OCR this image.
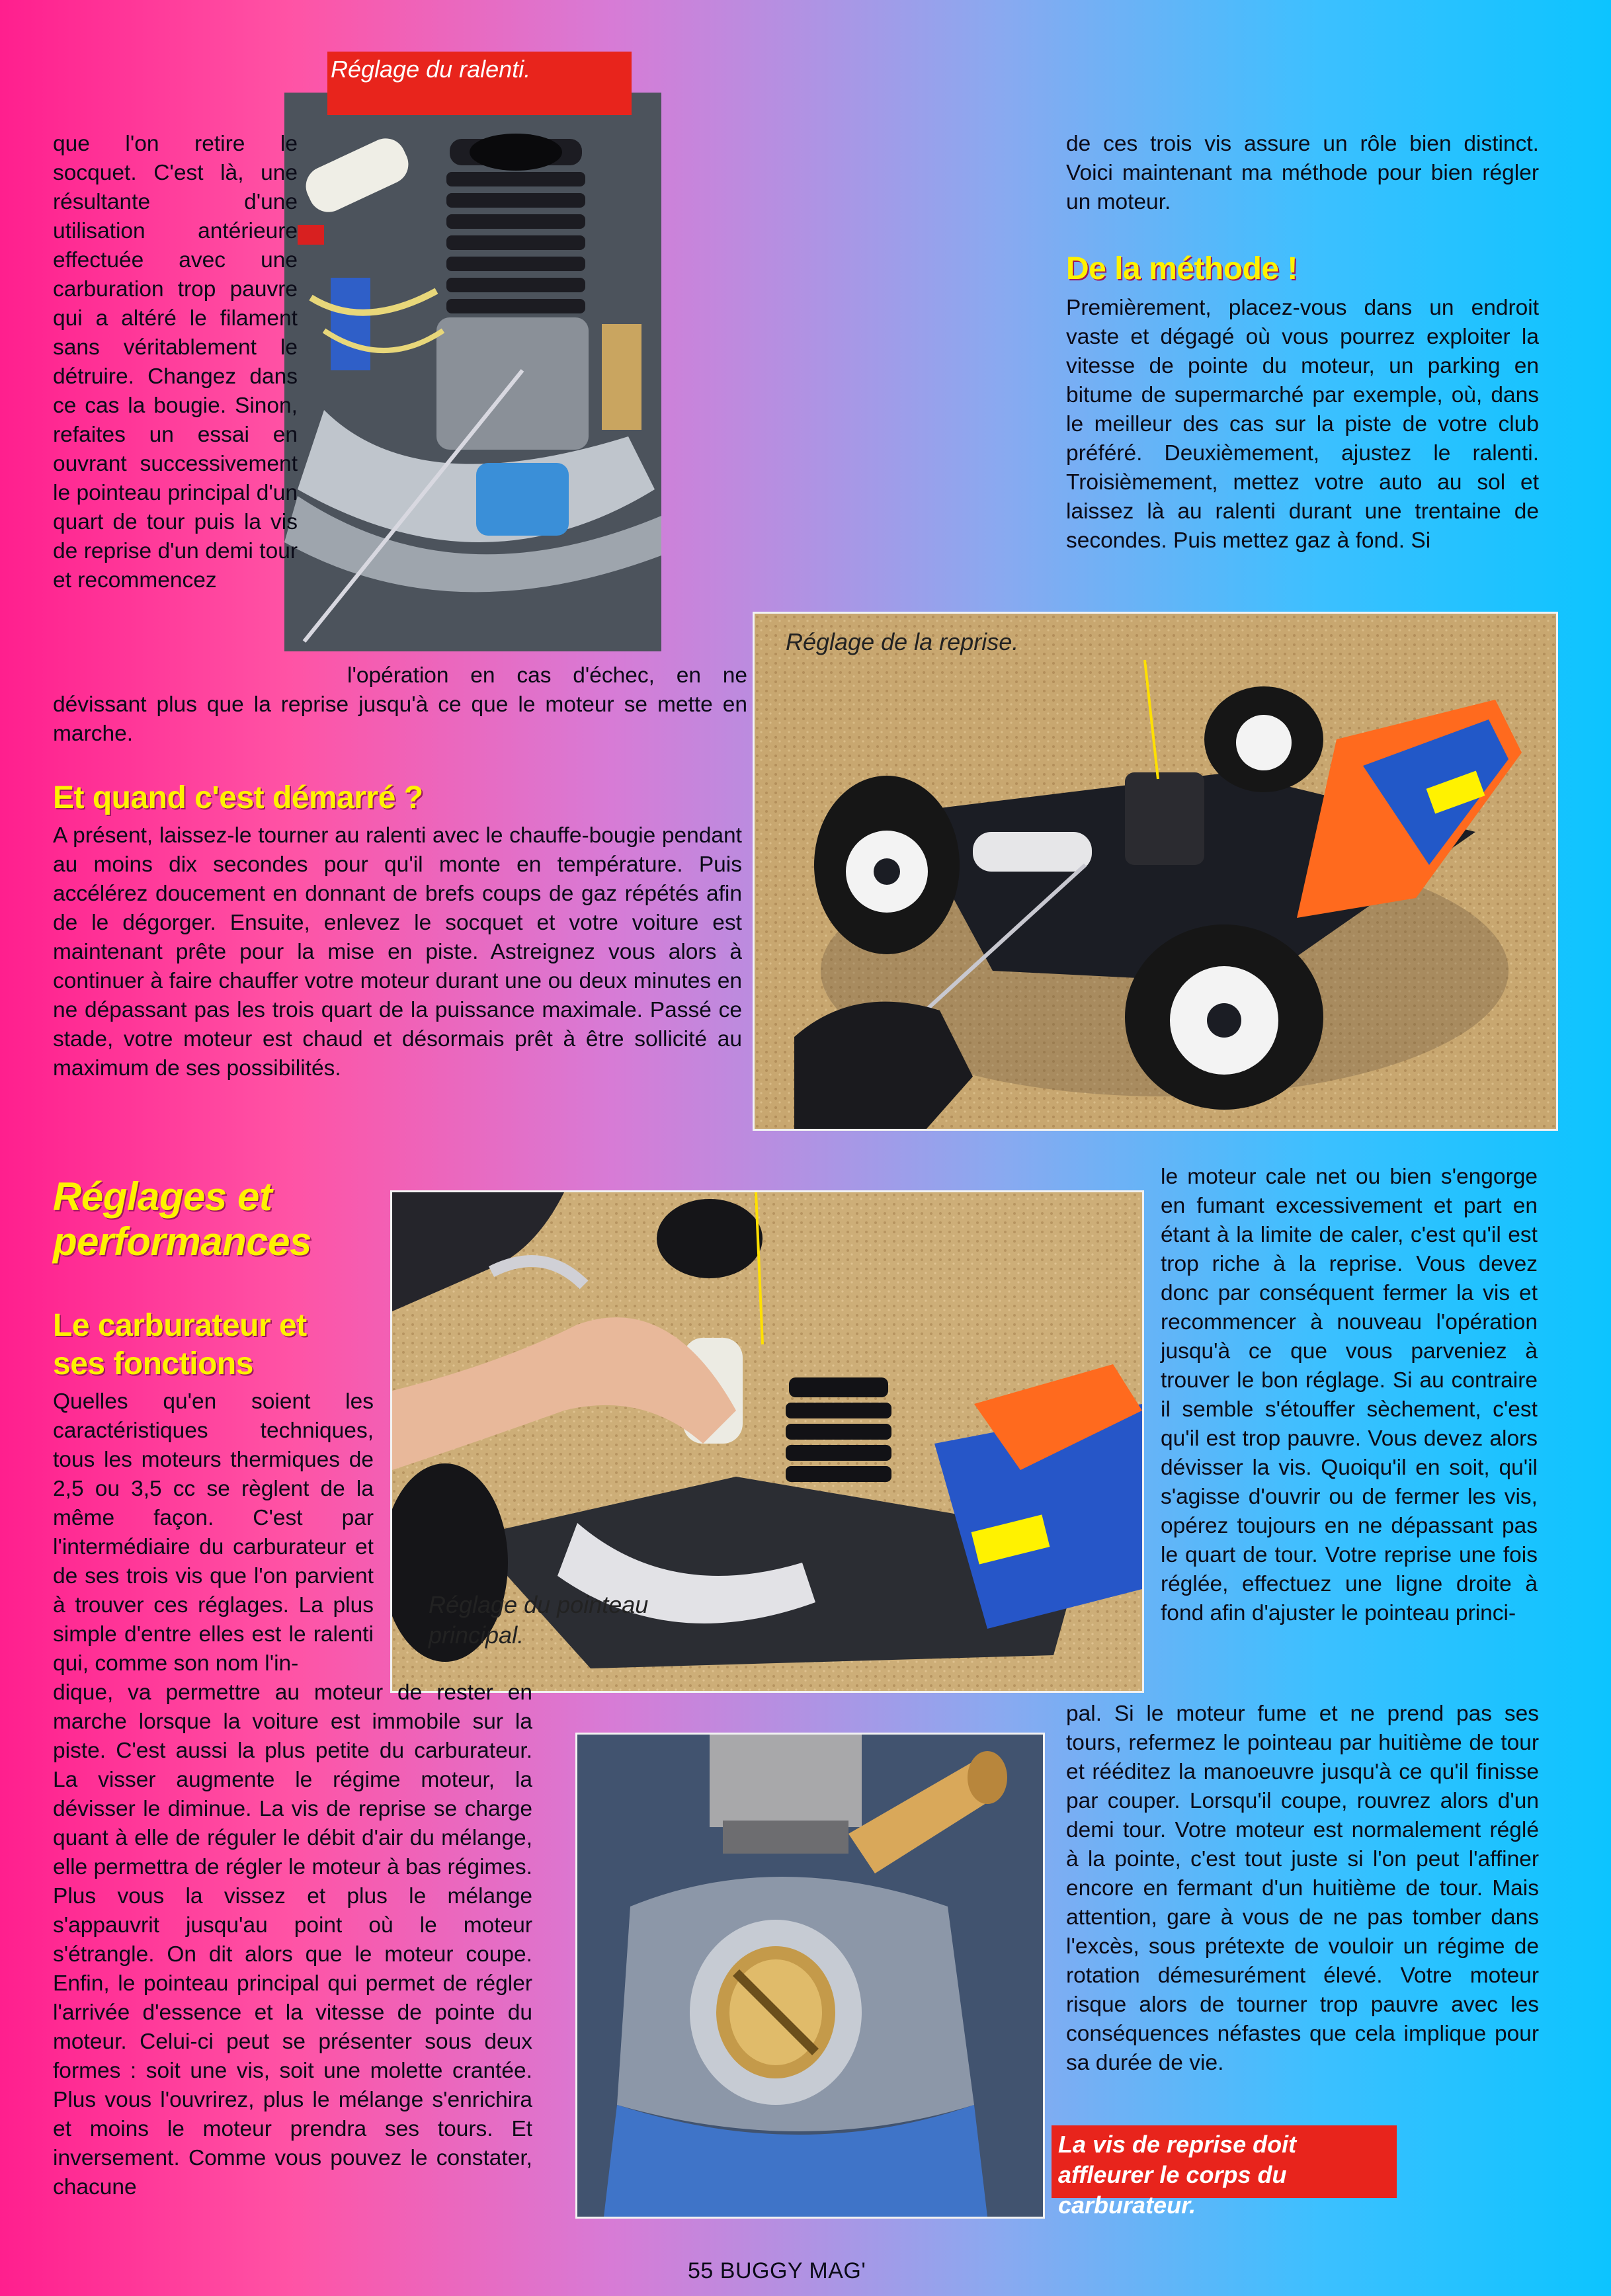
Réglage du ralenti.
que l'on retire le socquet. C'est là, une résultante d'une utilisation antérieure effectuée avec une carburation trop pauvre qui a altéré le filament sans véritablement le détruire. Changez dans ce cas la bougie. Sinon, refaites un essai en ouvrant successivement le pointeau principal d'un quart de tour puis la vis de reprise d'un demi tour et recommencez
l'opération en cas d'échec, en ne dévissant plus que la reprise jusqu'à ce que le moteur se mette en marche.
de ces trois vis assure un rôle bien distinct. Voici maintenant ma méthode pour bien régler un moteur.
De la méthode !
Premièrement, placez-vous dans un endroit vaste et dégagé où vous pourrez exploiter la vitesse de pointe du moteur, un parking en bitume de supermarché par exemple, où, dans le meilleur des cas sur la piste de votre club préféré. Deuxièmement, ajustez le ralenti. Troisièmement, mettez votre auto au sol et laissez là au ralenti durant une trentaine de secondes. Puis mettez gaz à fond. Si
Réglage de la reprise.
Et quand c'est démarré ?
A présent, laissez-le tourner au ralenti avec le chauffe-bougie pendant au moins dix secondes pour qu'il monte en température. Puis accélérez doucement en donnant de brefs coups de gaz répétés afin de le dégorger. Ensuite, enlevez le socquet et votre voiture est maintenant prête pour la mise en piste. Astreignez vous alors à continuer à faire chauffer votre moteur durant une ou deux minutes en ne dépassant pas les trois quart de la puissance maximale. Passé ce stade, votre moteur est chaud et désormais prêt à être sollicité au maximum de ses possibilités.
Réglages et performances
Le carburateur et ses fonctions
Quelles qu'en soient les caractéristiques techniques, tous les moteurs thermiques de 2,5 ou 3,5 cc se règlent de la même façon. C'est par l'intermédiaire du carburateur et de ses trois vis que l'on parvient à trouver ces réglages. La plus simple d'entre elles est le ralenti qui, comme son nom l'in-
Réglage du pointeau principal.
dique, va permettre au moteur de rester en marche lorsque la voiture est immobile sur la piste. C'est aussi la plus petite du carburateur. La visser augmente le régime moteur, la dévisser le diminue. La vis de reprise se charge quant à elle de réguler le débit d'air du mélange, elle permettra de régler le moteur à bas régimes. Plus vous la vissez et plus le mélange s'appauvrit jusqu'au point où le moteur s'étrangle. On dit alors que le moteur coupe. Enfin, le pointeau principal qui permet de régler l'arrivée d'essence et la vitesse de pointe du moteur. Celui-ci peut se présenter sous deux formes : soit une vis, soit une molette crantée. Plus vous l'ouvrirez, plus le mélange s'enrichira et moins le moteur prendra ses tours. Et inversement. Comme vous pouvez le constater, chacune
le moteur cale net ou bien s'engorge en fumant excessivement et part en étant à la limite de caler, c'est qu'il est trop riche à la reprise. Vous devez donc par conséquent fermer la vis et recommencer à nouveau l'opération jusqu'à ce que vous parveniez à trouver le bon réglage. Si au contraire il semble s'étouffer sèchement, c'est qu'il est trop pauvre. Vous devez alors dévisser la vis. Quoiqu'il en soit, qu'il s'agisse d'ouvrir ou de fermer les vis, opérez toujours en ne dépassant pas le quart de tour. Votre reprise une fois réglée, effectuez une ligne droite à fond afin d'ajuster le pointeau princi-
pal. Si le moteur fume et ne prend pas ses tours, refermez le pointeau par huitième de tour et rééditez la manoeuvre jusqu'à ce qu'il finisse par couper. Lorsqu'il coupe, rouvrez alors d'un demi tour. Votre moteur est normalement réglé à la pointe, c'est tout juste si l'on peut l'affiner encore en fermant d'un huitième de tour. Mais attention, gare à vous de ne pas tomber dans l'excès, sous prétexte de vouloir un régime de rotation démesurément élevé. Votre moteur risque alors de tourner trop pauvre avec les conséquences néfastes que cela implique pour sa durée de vie.
La vis de reprise doit affleurer le corps du carburateur.
55 BUGGY MAG'
